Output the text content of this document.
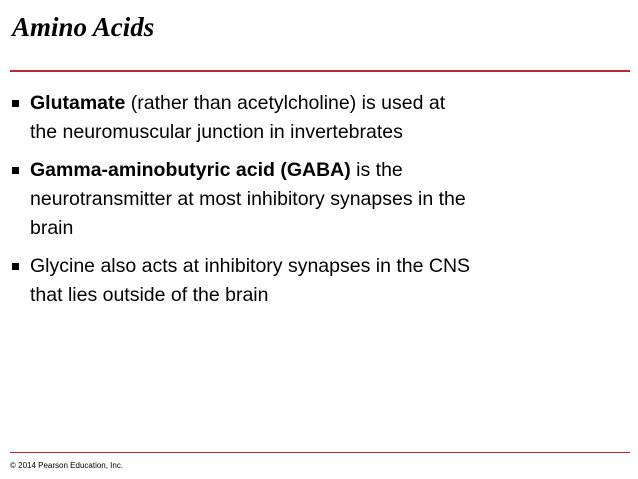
Amino Acids
Glutamate (rather than acetylcholine) is used at
the neuromuscular junction in invertebrates
Gamma-aminobutyric acid (GABA) is the
neurotransmitter at most inhibitory synapses in the
brain
Glycine also acts at inhibitory synapses in the CNS
that lies outside of the brain
© 2014 Pearson Education, Inc.
